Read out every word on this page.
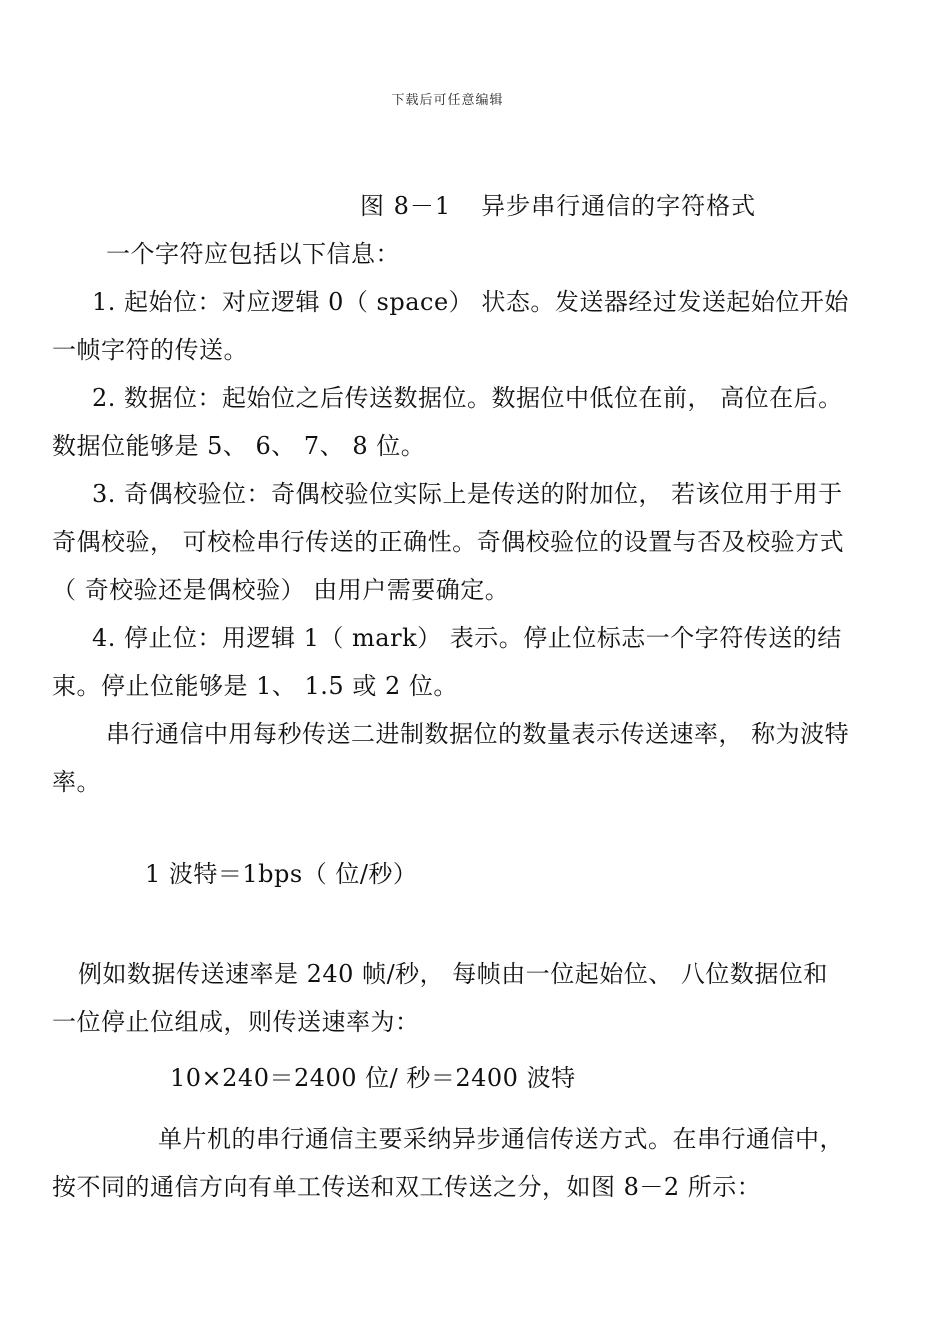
下载后可任意编辑
图 8－1 异步串行通信的字符格式

一个字符应包括以下信息：

1. 起始位：对应逻辑 0（ space） 状态。发送器经过发送起始位开始一帧字符的传送。

2. 数据位：起始位之后传送数据位。数据位中低位在前， 高位在后。数据位能够是 5、 6、 7、 8 位。

3. 奇偶校验位：奇偶校验位实际上是传送的附加位， 若该位用于用于奇偶校验， 可校检串行传送的正确性。奇偶校验位的设置与否及校验方式（ 奇校验还是偶校验） 由用户需要确定。

4. 停止位：用逻辑 1（ mark） 表示。停止位标志一个字符传送的结束。停止位能够是 1、 1.5 或 2 位。

串行通信中用每秒传送二进制数据位的数量表示传送速率， 称为波特率。

1 波特＝1bps（ 位/秒）

例如数据传送速率是 240 帧/秒， 每帧由一位起始位、 八位数据位和一位停止位组成，则传送速率为：

10×240＝2400 位/ 秒＝2400 波特

单片机的串行通信主要采纳异步通信传送方式。在串行通信中， 按不同的通信方向有单工传送和双工传送之分，如图 8－2 所示：
